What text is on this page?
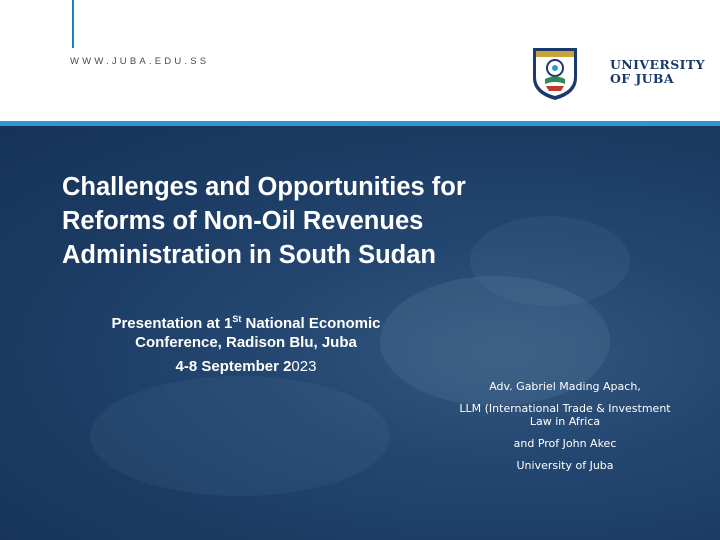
WWW.JUBA.EDU.SS	UNIVERSITY
OF JUBA
Challenges and Opportunities for
Reforms of Non-Oil Revenues
Administration in South Sudan
Presentation at 1St National Economic
Conference, Radison Blu, Juba
4-8 September 2023
Adv. Gabriel Mading Apach,
LLM (International Trade & Investment
Law in Africa
and Prof John Akec
University of Juba
